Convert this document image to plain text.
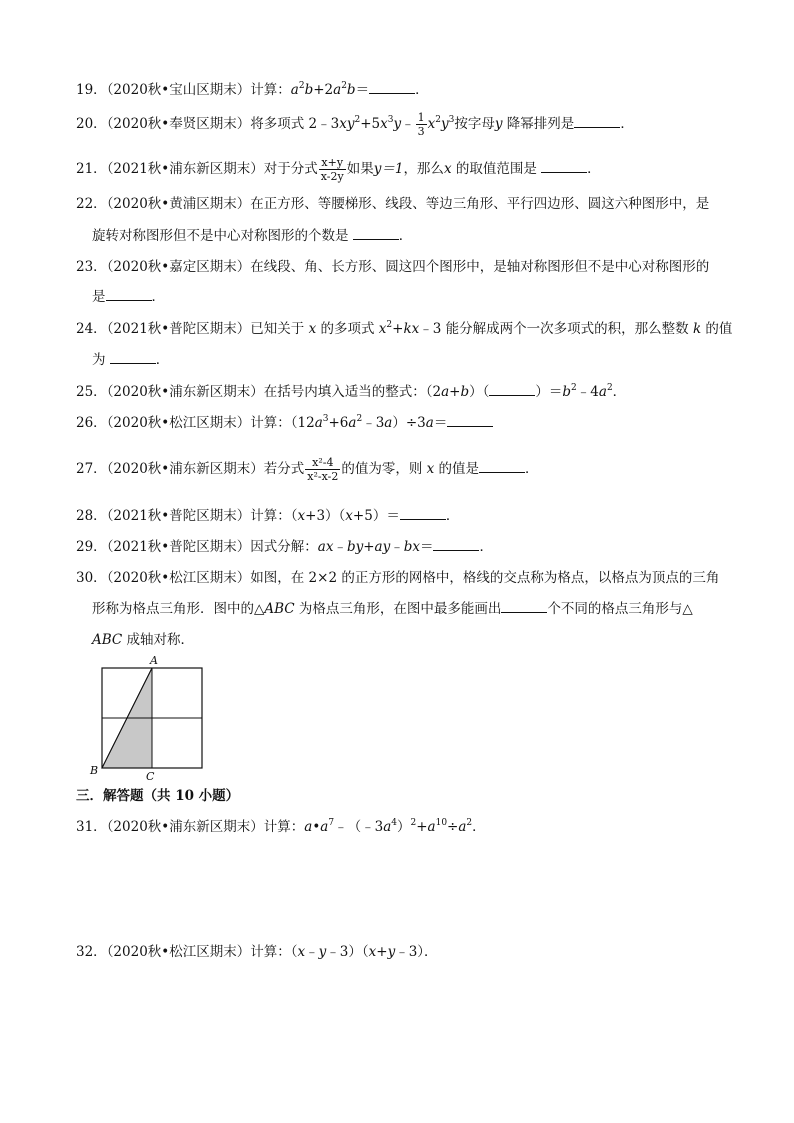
19．（2020秋•宝山区期末）计算：$a^2b+2a^2b=$	．
20．（2020秋•奉贤区期末）将多项式 $2﹣3xy^2+5x^3y﹣ \frac{1}{3} x^2y^3$按字母y 降幂排列是	．
21．（2021秋•浦东新区期末）对于分式 $\frac{x+y}{x-2y}$ 如果y＝1，那么x 的取值范围是	．
22．（2020秋•黄浦区期末）在正方形、等腰梯形、线段、等边三角形、平行四边形、圆这六种图形中，是
旋转对称图形但不是中心对称图形的个数是	．
23．（2020秋•嘉定区期末）在线段、角、长方形、圆这四个图形中，是轴对称图形但不是中心对称图形的
是	．
24．（2021秋•普陀区期末）已知关于 x 的多项式 $x^2+kx﹣3$ 能分解成两个一次多项式的积，那么整数 k 的值
为	．
25．（2020秋•浦东新区期末）在括号内填入适当的整式：（2a+b）（	）$=b^2﹣4a^2$．
26．（2020秋•松江区期末）计算：$(12a^3+6a^2﹣3a)\div 3a=$
27．（2020秋•浦东新区期末）若分式 $\frac{\text{x²-4}}{\text{x²-x-2}}$ 的值为零，则 x 的值是	．
28．（2021秋•普陀区期末）计算：（x+3）（x+5）＝	．
29．（2021秋•普陀区期末）因式分解：ax﹣by+ay﹣bx＝	．
30．（2020秋•松江区期末）如图，在 2×2 的正方形的网格中，格线的交点称为格点，以格点为顶点的三角
形称为格点三角形．图中的△ABC 为格点三角形，在图中最多能画出	个不同的格点三角形与△
ABC 成轴对称．
A
B	C
三．解答题（共 10 小题）
31．（2020秋•浦东新区期末）计算：$a•a^7﹣(﹣3a^4)^2+a^{10}\div a^2$．
32．（2020秋•松江区期末）计算：（x﹣y﹣3）（x+y﹣3）．
